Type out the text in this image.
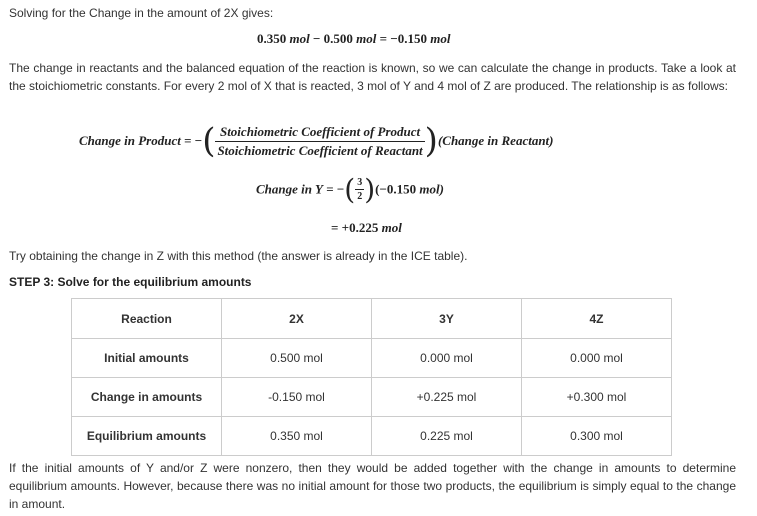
Solving for the Change in the amount of 2X gives:
0.350 mol − 0.500 mol = −0.150 mol
The change in reactants and the balanced equation of the reaction is known, so we can calculate the change in products. Take a look at the stoichiometric constants. For every 2 mol of X that is reacted, 3 mol of Y and 4 mol of Z are produced. The relationship is as follows:
Change in Product = −( $\frac{\text{Stoichiometric Coefficient of Product}}{\text{Stoichiometric Coefficient of Reactant}}$ )(Change in Reactant)
Change in Y = −( $\frac{3}{2} )(-0.150$ mol)
= +0.225 mol
Try obtaining the change in Z with this method (the answer is already in the ICE table).
STEP 3: Solve for the equilibrium amounts
Reaction	2X	3Y	4Z
Initial amounts	0.500 mol	0.000 mol	0.000 mol
Change in amounts	-0.150 mol	+0.225 mol	+0.300 mol
Equilibrium amounts	0.350 mol	0.225 mol	0.300 mol
If the initial amounts of Y and/or Z were nonzero, then they would be added together with the change in amounts to determine equilibrium amounts. However, because there was no initial amount for those two products, the equilibrium is simply equal to the change in amount.
